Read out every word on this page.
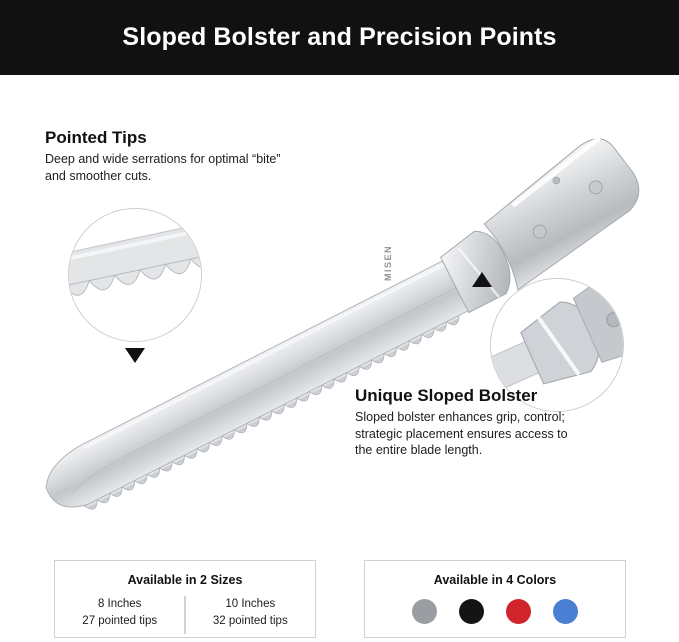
Sloped Bolster and Precision Points
MISEN
Pointed Tips
Deep and wide serrations for optimal “bite” and smoother cuts.
Unique Sloped Bolster
Sloped bolster enhances grip, control; strategic placement ensures access to the entire blade length.
Available in 2 Sizes
8 Inches
27 pointed tips
10 Inches
32 pointed tips
Available in 4 Colors
